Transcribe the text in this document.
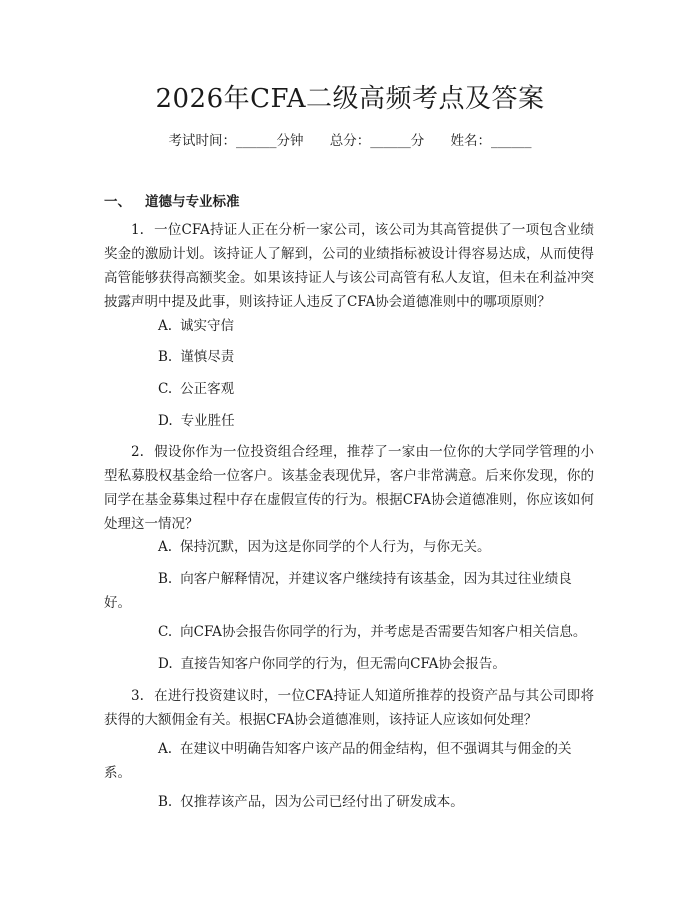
2026年CFA二级高频考点及答案
考试时间：______分钟 总分：______分 姓名：______
一、 道德与专业标准
1. 一位CFA持证人正在分析一家公司，该公司为其高管提供了一项包含业绩奖金的激励计划。该持证人了解到，公司的业绩指标被设计得容易达成，从而使得高管能够获得高额奖金。如果该持证人与该公司高管有私人友谊，但未在利益冲突披露声明中提及此事，则该持证人违反了CFA协会道德准则中的哪项原则？
A. 诚实守信
B. 谨慎尽责
C. 公正客观
D. 专业胜任
2. 假设你作为一位投资组合经理，推荐了一家由一位你的大学同学管理的小型私募股权基金给一位客户。该基金表现优异，客户非常满意。后来你发现，你的同学在基金募集过程中存在虚假宣传的行为。根据CFA协会道德准则，你应该如何处理这一情况？
A. 保持沉默，因为这是你同学的个人行为，与你无关。
B. 向客户解释情况，并建议客户继续持有该基金，因为其过往业绩良好。
C. 向CFA协会报告你同学的行为，并考虑是否需要告知客户相关信息。
D. 直接告知客户你同学的行为，但无需向CFA协会报告。
3. 在进行投资建议时，一位CFA持证人知道所推荐的投资产品与其公司即将获得的大额佣金有关。根据CFA协会道德准则，该持证人应该如何处理？
A. 在建议中明确告知客户该产品的佣金结构，但不强调其与佣金的关系。
B. 仅推荐该产品，因为公司已经付出了研发成本。
